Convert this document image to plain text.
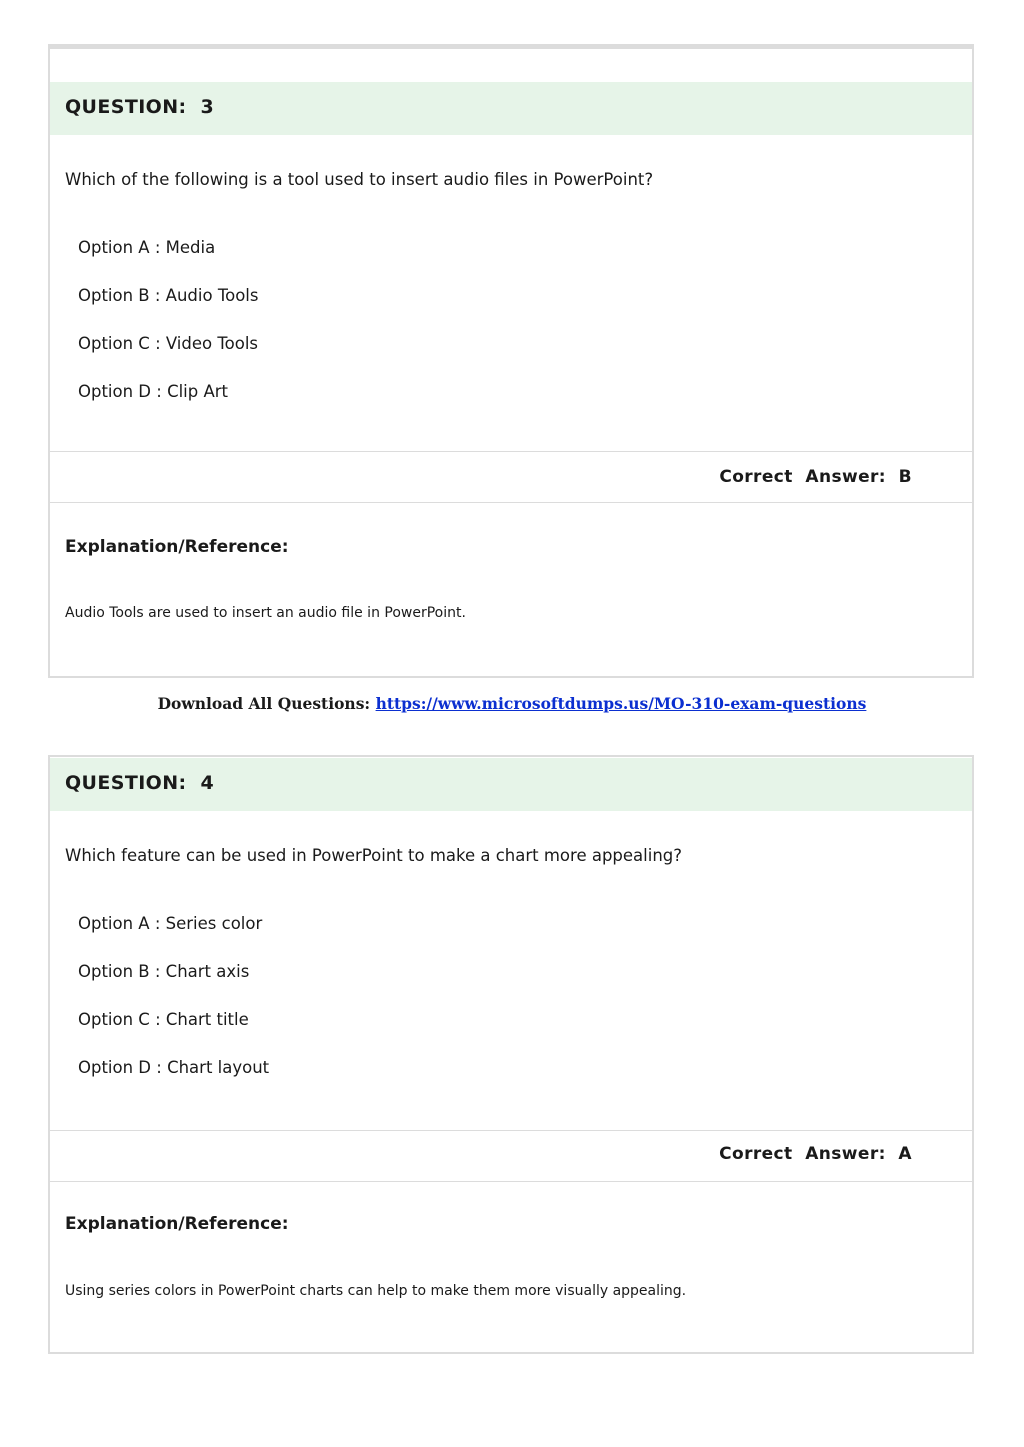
QUESTION:  3
Which of the following is a tool used to insert audio files in PowerPoint?
Option A : Media
Option B : Audio Tools
Option C : Video Tools
Option D : Clip Art
Correct  Answer:  B
Explanation/Reference:
Audio Tools are used to insert an audio file in PowerPoint.
Download All Questions: https://www.microsoftdumps.us/MO-310-exam-questions
QUESTION:  4
Which feature can be used in PowerPoint to make a chart more appealing?
Option A : Series color
Option B : Chart axis
Option C : Chart title
Option D : Chart layout
Correct  Answer:  A
Explanation/Reference:
Using series colors in PowerPoint charts can help to make them more visually appealing.
